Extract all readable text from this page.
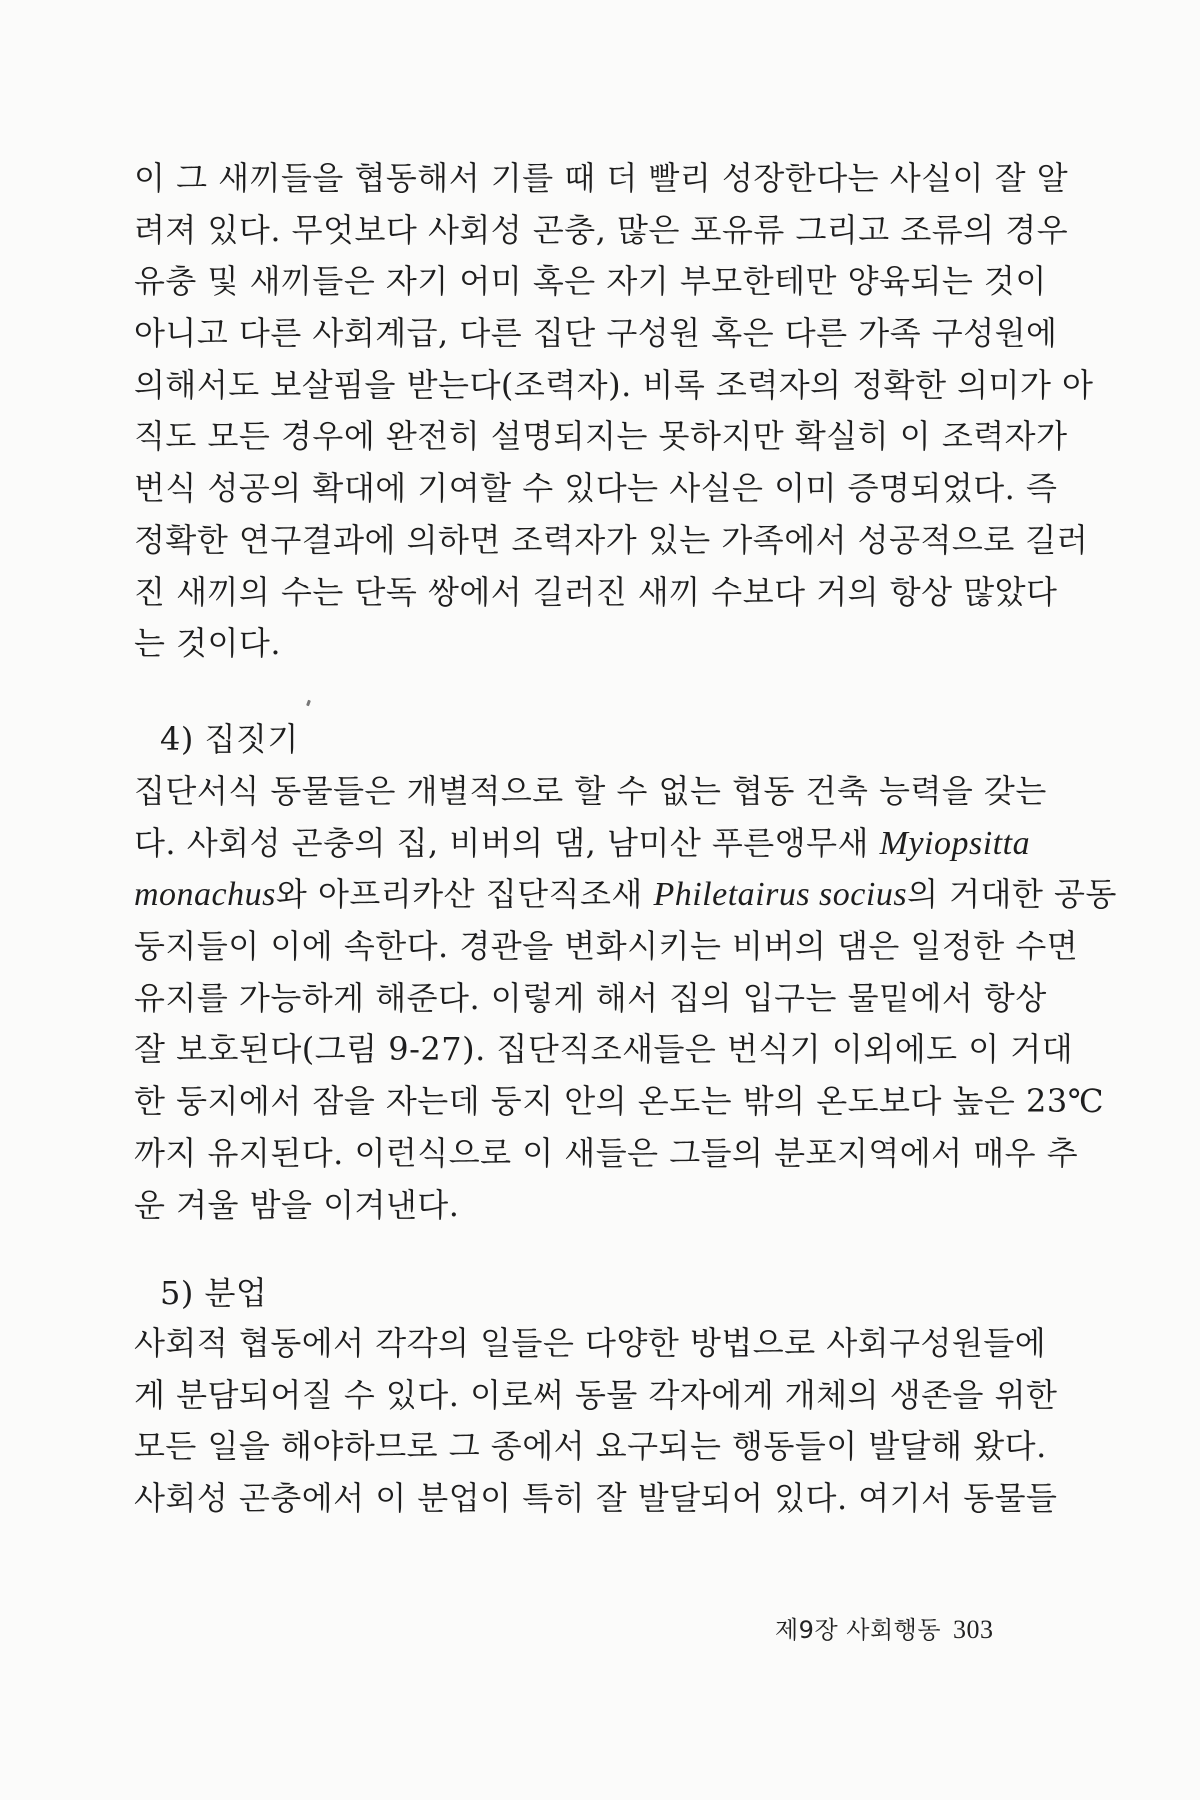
이 그 새끼들을 협동해서 기를 때 더 빨리 성장한다는 사실이 잘 알
려져 있다. 무엇보다 사회성 곤충, 많은 포유류 그리고 조류의 경우
유충 및 새끼들은 자기 어미 혹은 자기 부모한테만 양육되는 것이
아니고 다른 사회계급, 다른 집단 구성원 혹은 다른 가족 구성원에
의해서도 보살핌을 받는다(조력자). 비록 조력자의 정확한 의미가 아
직도 모든 경우에 완전히 설명되지는 못하지만 확실히 이 조력자가
번식 성공의 확대에 기여할 수 있다는 사실은 이미 증명되었다. 즉
정확한 연구결과에 의하면 조력자가 있는 가족에서 성공적으로 길러
진 새끼의 수는 단독 쌍에서 길러진 새끼 수보다 거의 항상 많았다
는 것이다.
4) 집짓기
집단서식 동물들은 개별적으로 할 수 없는 협동 건축 능력을 갖는
다. 사회성 곤충의 집, 비버의 댐, 남미산 푸른앵무새 Myiopsitta
monachus와 아프리카산 집단직조새 Philetairus socius의 거대한 공동
둥지들이 이에 속한다. 경관을 변화시키는 비버의 댐은 일정한 수면
유지를 가능하게 해준다. 이렇게 해서 집의 입구는 물밑에서 항상
잘 보호된다(그림 9-27). 집단직조새들은 번식기 이외에도 이 거대
한 둥지에서 잠을 자는데 둥지 안의 온도는 밖의 온도보다 높은 23℃
까지 유지된다. 이런식으로 이 새들은 그들의 분포지역에서 매우 추
운 겨울 밤을 이겨낸다.
5) 분업
사회적 협동에서 각각의 일들은 다양한 방법으로 사회구성원들에
게 분담되어질 수 있다. 이로써 동물 각자에게 개체의 생존을 위한
모든 일을 해야하므로 그 종에서 요구되는 행동들이 발달해 왔다.
사회성 곤충에서 이 분업이 특히 잘 발달되어 있다. 여기서 동물들
제9장 사회행동 303
